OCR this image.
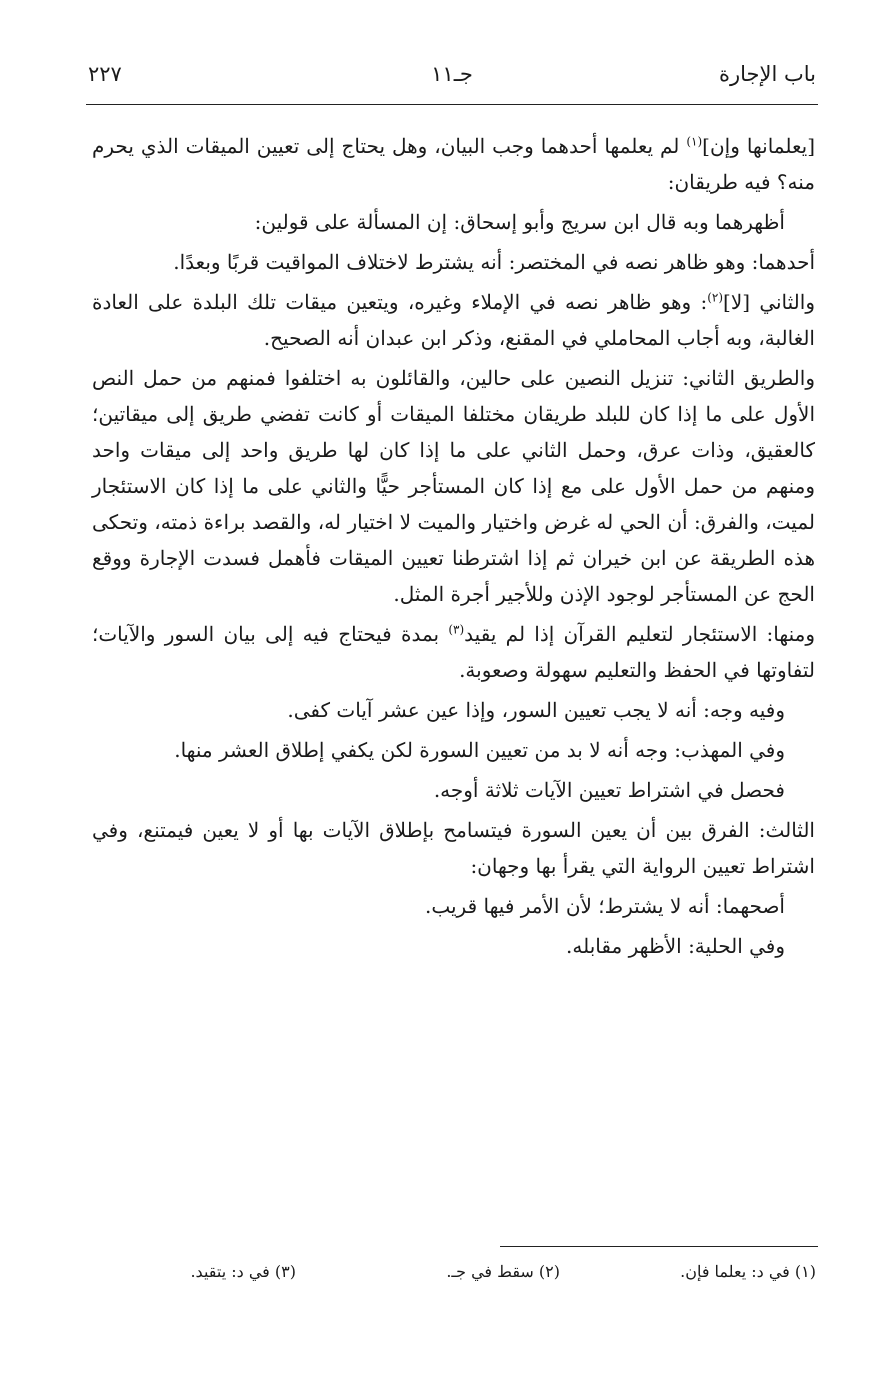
باب الإجارة
جـ١١
٢٢٧

[يعلمانها وإن]$^{(١)}$ لم يعلمها أحدهما وجب البيان، وهل يحتاج إلى تعيين الميقات الذي يحرم منه؟ فيه طريقان:

أظهرهما وبه قال ابن سريج وأبو إسحاق: إن المسألة على قولين:

أحدهما: وهو ظاهر نصه في المختصر: أنه يشترط لاختلاف المواقيت قربًا وبعدًا.

والثاني [لا]$^{(٢)}$: وهو ظاهر نصه في الإملاء وغيره، ويتعين ميقات تلك البلدة على العادة الغالبة، وبه أجاب المحاملي في المقنع، وذكر ابن عبدان أنه الصحيح.

والطريق الثاني: تنزيل النصين على حالين، والقائلون به اختلفوا فمنهم من حمل النص الأول على ما إذا كان للبلد طريقان مختلفا الميقات أو كانت تفضي طريق إلى ميقاتين؛ كالعقيق، وذات عرق، وحمل الثاني على ما إذا كان لها طريق واحد إلى ميقات واحد ومنهم من حمل الأول على مع إذا كان المستأجر حيًّا والثاني على ما إذا كان الاستئجار لميت، والفرق: أن الحي له غرض واختيار والميت لا اختيار له، والقصد براءة ذمته، وتحكى هذه الطريقة عن ابن خيران ثم إذا اشترطنا تعيين الميقات فأهمل فسدت الإجارة ووقع الحج عن المستأجر لوجود الإذن وللأجير أجرة المثل.

ومنها: الاستئجار لتعليم القرآن إذا لم يقيد$^{(٣)}$ بمدة فيحتاج فيه إلى بيان السور والآيات؛ لتفاوتها في الحفظ والتعليم سهولة وصعوبة.

وفيه وجه: أنه لا يجب تعيين السور، وإذا عين عشر آيات كفى.

وفي المهذب: وجه أنه لا بد من تعيين السورة لكن يكفي إطلاق العشر منها.

فحصل في اشتراط تعيين الآيات ثلاثة أوجه.

الثالث: الفرق بين أن يعين السورة فيتسامح بإطلاق الآيات بها أو لا يعين فيمتنع، وفي اشتراط تعيين الرواية التي يقرأ بها وجهان:

أصحهما: أنه لا يشترط؛ لأن الأمر فيها قريب.

وفي الحلية: الأظهر مقابله.

(١) في د: يعلما فإن.
(٢) سقط في جـ.
(٣) في د: يتقيد.
